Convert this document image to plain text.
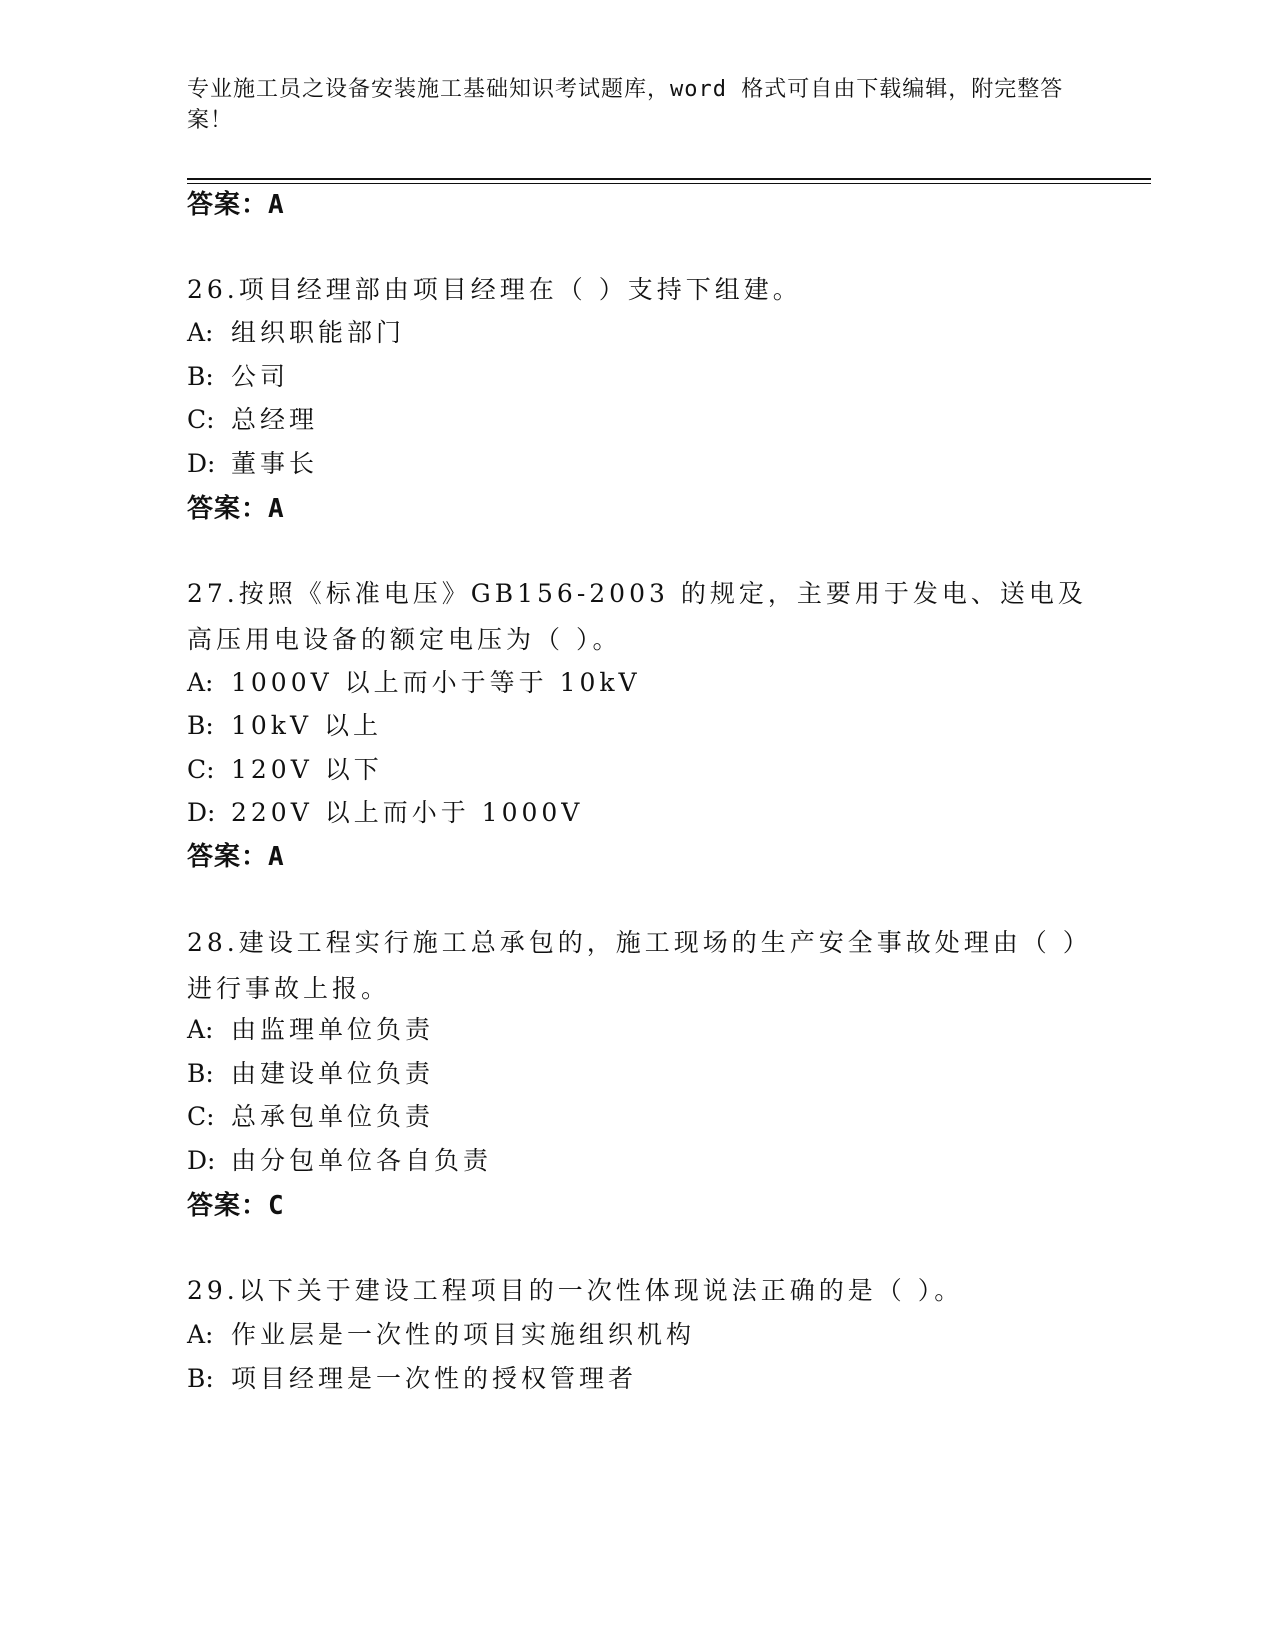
专业施工员之设备安装施工基础知识考试题库，word 格式可自由下载编辑，附完整答案！
答案：A
26.项目经理部由项目经理在（ ）支持下组建。
A: 组织职能部门
B: 公司
C: 总经理
D: 董事长
答案：A
27.按照《标准电压》GB156-2003 的规定，主要用于发电、送电及高压用电设备的额定电压为（ ）。
A: 1000V 以上而小于等于 10kV
B: 10kV 以上
C: 120V 以下
D: 220V 以上而小于 1000V
答案：A
28.建设工程实行施工总承包的，施工现场的生产安全事故处理由（ ）进行事故上报。
A: 由监理单位负责
B: 由建设单位负责
C: 总承包单位负责
D: 由分包单位各自负责
答案：C
29.以下关于建设工程项目的一次性体现说法正确的是（ ）。
A: 作业层是一次性的项目实施组织机构
B: 项目经理是一次性的授权管理者
